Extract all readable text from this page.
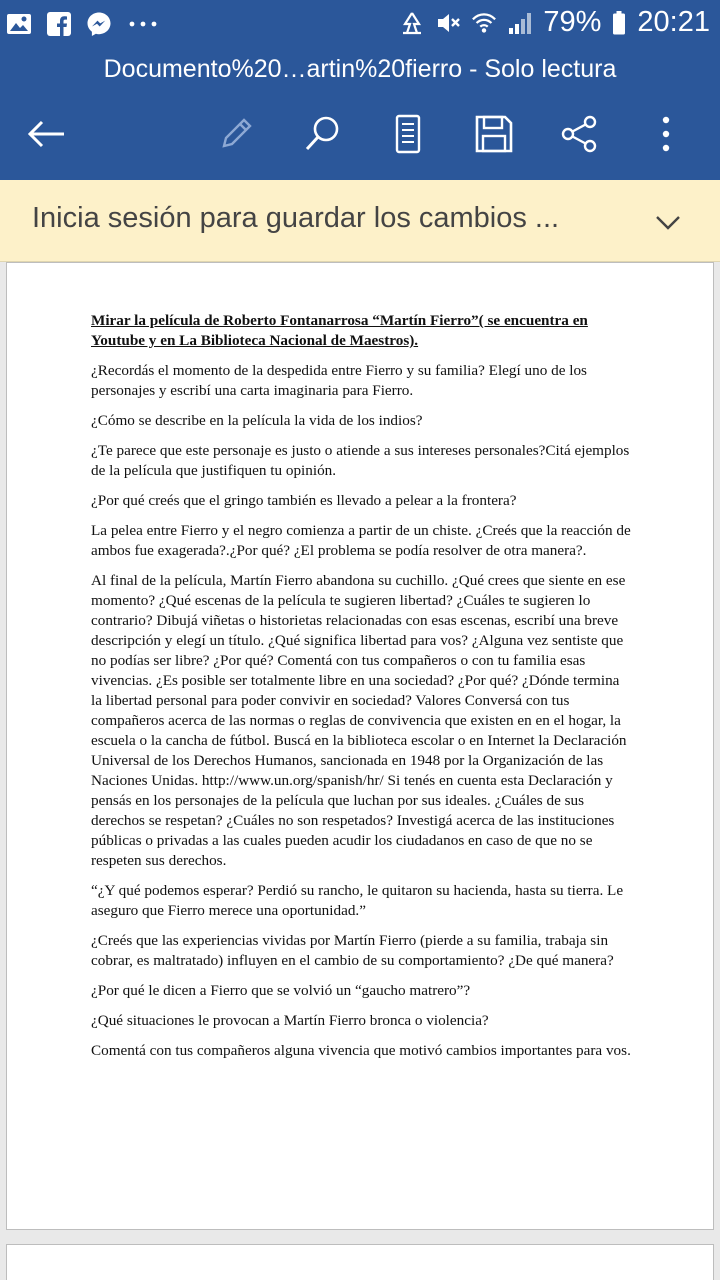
79% 20:21
Documento%20…artin%20fierro - Solo lectura
Inicia sesión para guardar los cambios ...

Mirar la película de Roberto Fontanarrosa “Martín Fierro”( se encuentra en Youtube y en La Biblioteca Nacional de Maestros).

¿Recordás el momento de la despedida entre Fierro y su familia? Elegí uno de los personajes y escribí una carta imaginaria para Fierro.

¿Cómo se describe en la película la vida de los indios?

¿Te parece que este personaje es justo o atiende a sus intereses personales?Citá ejemplos de la película que justifiquen tu opinión.

¿Por qué creés que el gringo también es llevado a pelear a la frontera?

La pelea entre Fierro y el negro comienza a partir de un chiste. ¿Creés que la reacción de ambos fue exagerada?.¿Por qué? ¿El problema se podía resolver de otra manera?.

Al final de la película, Martín Fierro abandona su cuchillo. ¿Qué crees que siente en ese momento? ¿Qué escenas de la película te sugieren libertad? ¿Cuáles te sugieren lo contrario? Dibujá viñetas o historietas relacionadas con esas escenas, escribí una breve descripción y elegí un título. ¿Qué significa libertad para vos? ¿Alguna vez sentiste que no podías ser libre? ¿Por qué? Comentá con tus compañeros o con tu familia esas vivencias. ¿Es posible ser totalmente libre en una sociedad? ¿Por qué? ¿Dónde termina la libertad personal para poder convivir en sociedad? Valores Conversá con tus compañeros acerca de las normas o reglas de convivencia que existen en en el hogar, la escuela o la cancha de fútbol. Buscá en la biblioteca escolar o en Internet la Declaración Universal de los Derechos Humanos, sancionada en 1948 por la Organización de las Naciones Unidas. http://www.un.org/spanish/hr/ Si tenés en cuenta esta Declaración y pensás en los personajes de la película que luchan por sus ideales. ¿Cuáles de sus derechos se respetan? ¿Cuáles no son respetados? Investigá acerca de las instituciones públicas o privadas a las cuales pueden acudir los ciudadanos en caso de que no se respeten sus derechos.

“¿Y qué podemos esperar? Perdió su rancho, le quitaron su hacienda, hasta su tierra. Le aseguro que Fierro merece una oportunidad.”

¿Creés que las experiencias vividas por Martín Fierro (pierde a su familia, trabaja sin cobrar, es maltratado) influyen en el cambio de su comportamiento? ¿De qué manera?

¿Por qué le dicen a Fierro que se volvió un “gaucho matrero”?

¿Qué situaciones le provocan a Martín Fierro bronca o violencia?

Comentá con tus compañeros alguna vivencia que motivó cambios importantes para vos.
